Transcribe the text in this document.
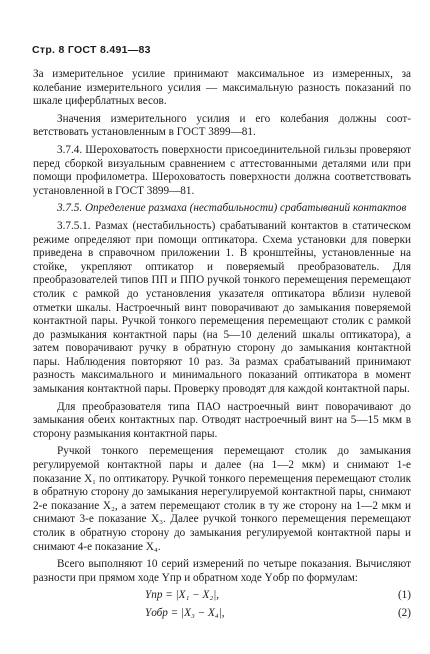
Стр. 8 ГОСТ 8.491—83

За измерительное усилие принимают максимальное из измеренных, за колебание измерительного усилия — максимальную разность показаний по шкале циферблатных весов.

Значения измерительного усилия и его колебания должны соответствовать установленным в ГОСТ 3899—81.

3.7.4. Шероховатость поверхности присоединительной гильзы проверяют перед сборкой визуальным сравнением с аттестованными деталями или при помощи профилометра. Шероховатость поверхности должна соответствовать установленной в ГОСТ 3899—81.

3.7.5. Определение размаха (нестабильности) срабатываний контактов

3.7.5.1. Размах (нестабильность) срабатываний контактов в статическом режиме определяют при помощи оптикатора. Схема установки для поверки приведена в справочном приложении 1. В кронштейны, установленные на стойке, укрепляют оптикатор и поверяемый преобразователь. Для преобразователей типов ПП и ППО ручкой тонкого перемещения перемещают столик с рамкой до установления указателя оптикатора вблизи нулевой отметки шкалы. Настроечный винт поворачивают до замыкания поверяемой контактной пары. Ручкой тонкого перемещения перемещают столик с рамкой до размыкания контактной пары (на 5—10 делений шкалы оптикатора), а затем поворачивают ручку в обратную сторону до замыкания контактной пары. Наблюдения повторяют 10 раз. За размах срабатываний принимают разность максимального и минимального показаний оптикатора в момент замыкания контактной пары. Проверку проводят для каждой контактной пары.

Для преобразователя типа ПАО настроечный винт поворачивают до замыкания обеих контактных пар. Отводят настроечный винт на 5—15 мкм в сторону размыкания контактной пары.

Ручкой тонкого перемещения перемещают столик до замыкания регулируемой контактной пары и далее (на 1—2 мкм) и снимают 1-е показание X₁ по оптикатору. Ручкой тонкого перемещения перемещают столик в обратную сторону до замыкания нерегулируемой контактной пары, снимают 2-е показание X₂, а затем перемещают столик в ту же сторону на 1—2 мкм и снимают 3-е показание X₃. Далее ручкой тонкого перемещения перемещают столик в обратную сторону до замыкания регулируемой контактной пары и снимают 4-е показание X₄.

Всего выполняют 10 серий измерений по четыре показания. Вычисляют разности при прямом ходе Yпр и обратном ходе Yобр по формулам:

Yпр = |X₁ − X₂|,	(1)
Yобр = |X₃ − X₄|,	(2)
